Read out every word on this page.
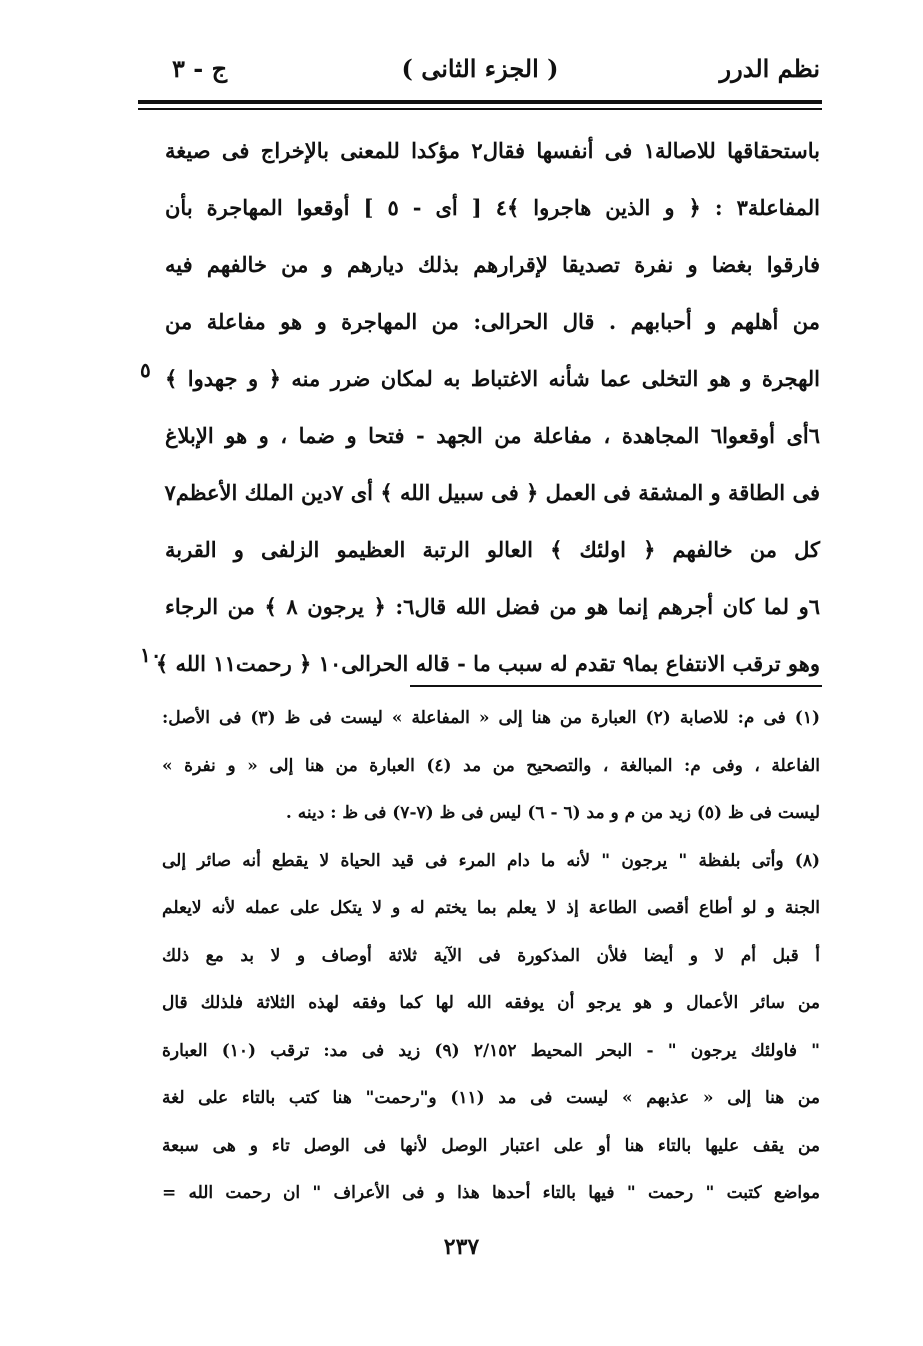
نظم الدرر
( الجزء الثانى )
ج - ٣
باستحقاقها للاصالة١ فى أنفسها فقال٢ مؤكدا للمعنى بالإخراج فى صيغة
المفاعلة٣ : ﴿ و الذين هاجروا ﴾٤ [ أى - ٥ ] أوقعوا المهاجرة بأن
فارقوا بغضا و نفرة تصديقا لإقرارهم بذلك ديارهم و من خالفهم فيه
من أهلهم و أحبابهم . قال الحرالى: من المهاجرة و هو مفاعلة من
الهجرة و هو التخلى عما شأنه الاغتباط به لمكان ضرر منه ﴿ و جهدوا ﴾
٦أى أوقعوا٦ المجاهدة ، مفاعلة من الجهد - فتحا و ضما ، و هو الإبلاغ
فى الطاقة و المشقة فى العمل ﴿ فى سبيل الله ﴾ أى ٧دين الملك الأعظم٧
كل من خالفهم ﴿ اولئك ﴾ العالو الرتبة العظيمو الزلفى و القربة
٦و لما كان أجرهم إنما هو من فضل الله قال٦: ﴿ يرجون ٨ ﴾ من الرجاء
وهو ترقب الانتفاع بما٩ تقدم له سبب ما - قاله الحرالى١٠ ﴿ رحمت١١ الله ﴾
٥
١٠
(١) فى م: للاصابة (٢) العبارة من هنا إلى « المفاعلة » ليست فى ظ (٣) فى الأصل:
الفاعلة ، وفى م: المبالغة ، والتصحيح من مد (٤) العبارة من هنا إلى « و نفرة »
ليست فى ظ (٥) زيد من م و مد (٦ - ٦) ليس فى ظ (٧-٧) فى ظ : دينه .
(٨) وأتى بلفظة " يرجون " لأنه ما دام المرء فى قيد الحياة لا يقطع أنه صائر إلى
الجنة و لو أطاع أقصى الطاعة إذ لا يعلم بما يختم له و لا يتكل على عمله لأنه لايعلم
أ قبل أم لا و أيضا فلأن المذكورة فى الآية ثلاثة أوصاف و لا بد مع ذلك
من سائر الأعمال و هو يرجو أن يوفقه الله لها كما وفقه لهذه الثلاثة فلذلك قال
" فاولئك يرجون " - البحر المحيط ٢/١٥٢ (٩) زيد فى مد: ترقب (١٠) العبارة
من هنا إلى « عذبهم » ليست فى مد (١١) و"رحمت" هنا كتب بالتاء على لغة
من يقف عليها بالتاء هنا أو على اعتبار الوصل لأنها فى الوصل تاء و هى سبعة
مواضع كتبت " رحمت " فيها بالتاء أحدها هذا و فى الأعراف " ان رحمت الله =
٢٣٧
